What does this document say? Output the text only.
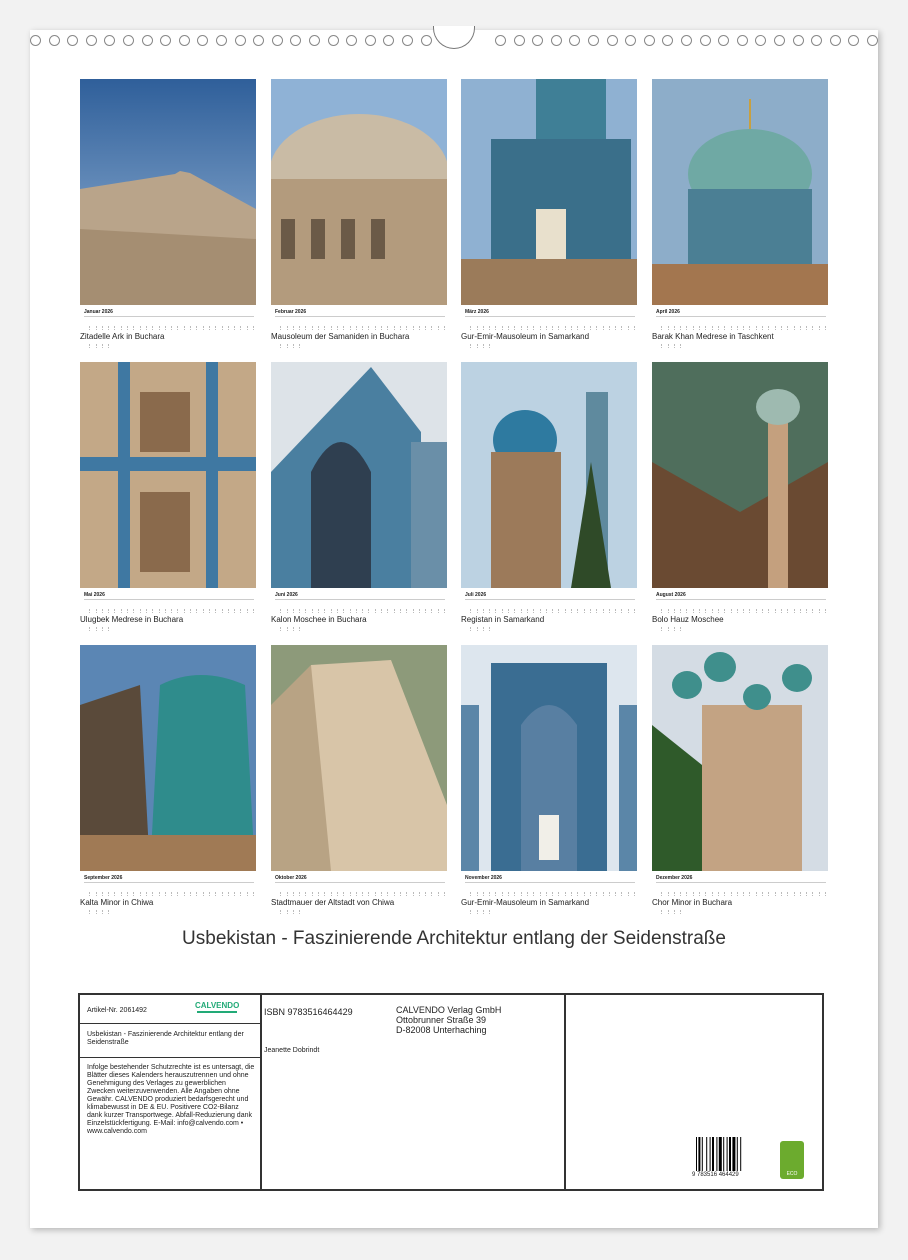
Januar 2026
Zitadelle Ark in Buchara
Februar 2026
Mausoleum der Samaniden in Buchara
März 2026
Gur-Emir-Mausoleum in Samarkand
April 2026
Barak Khan Medrese in Taschkent
Mai 2026
Ulugbek Medrese in Buchara
Juni 2026
Kalon Moschee in Buchara
Juli 2026
Registan in Samarkand
August 2026
Bolo Hauz Moschee
September 2026
Kalta Minor in Chiwa
Oktober 2026
Stadtmauer der Altstadt von Chiwa
November 2026
Gur-Emir-Mausoleum in Samarkand
Dezember 2026
Chor Minor in Buchara
Usbekistan - Faszinierende Architektur entlang der Seidenstraße
Artikel-Nr. 2061492
CALVENDO
Usbekistan - Faszinierende Architektur entlang der Seidenstraße
Infolge bestehender Schutzrechte ist es untersagt, die Blätter dieses Kalenders herauszutrennen und ohne Genehmigung des Verlages zu gewerblichen Zwecken weiterzuverwenden. Alle Angaben ohne Gewähr. CALVENDO produziert bedarfsgerecht und klimabewusst in DE & EU. Positivere CO2-Bilanz dank kurzer Transportwege. Abfall-Reduzierung dank Einzelstückfertigung. E-Mail: info@calvendo.com • www.calvendo.com
ISBN 9783516464429	CALVENDO Verlag GmbH
Ottobrunner Straße 39
D-82008 Unterhaching
Jeanette Dobrindt
9 783516 464429	ECO
